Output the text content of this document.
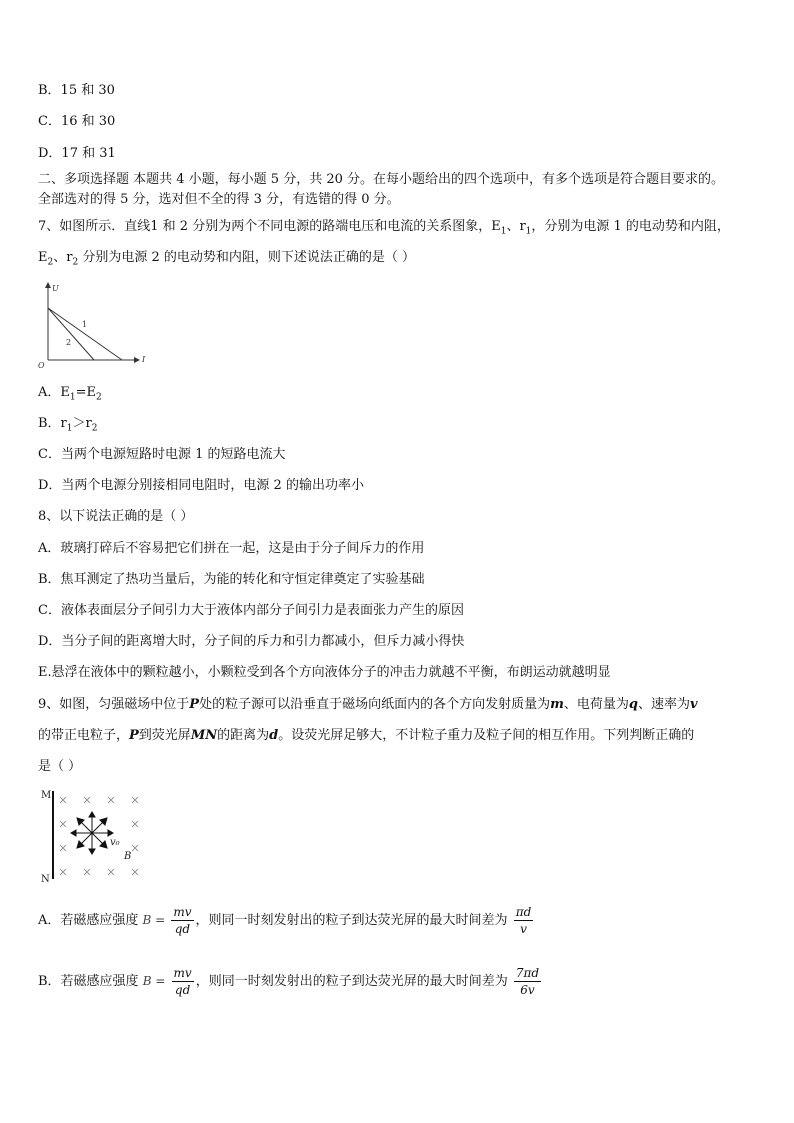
B．15 和 30
C．16 和 30
D．17 和 31
二、多项选择题 本题共 4 小题，每小题 5 分，共 20 分。在每小题给出的四个选项中，有多个选项是符合题目要求的。
全部选对的得 5 分，选对但不全的得 3 分，有选错的得 0 分。
7、如图所示．直线1 和 2 分别为两个不同电源的路端电压和电流的关系图象，$E_1$、$r_1$，分别为电源 1 的电动势和内阻，
$E_2$、$r_2$ 分别为电源 2 的电动势和内阻，则下述说法正确的是（ ）
U
I
O
1
2
A．$E_1=E_2$
B．$r_1>r_2$
C．当两个电源短路时电源 1 的短路电流大
D．当两个电源分别接相同电阻时，电源 2 的输出功率小
8、以下说法正确的是（ ）
A．玻璃打碎后不容易把它们拼在一起，这是由于分子间斥力的作用
B．焦耳测定了热功当量后，为能的转化和守恒定律奠定了实验基础
C．液体表面层分子间引力大于液体内部分子间引力是表面张力产生的原因
D．当分子间的距离增大时，分子间的斥力和引力都减小，但斥力减小得快
E.悬浮在液体中的颗粒越小，小颗粒受到各个方向液体分子的冲击力就越不平衡，布朗运动就越明显
9、如图，匀强磁场中位于P处的粒子源可以沿垂直于磁场向纸面内的各个方向发射质量为m、电荷量为q、速率为v
的带正电粒子，P到荧光屏MN的距离为d。设荧光屏足够大，不计粒子重力及粒子间的相互作用。下列判断正确的
是（ ）
M
N
v₀
B
A．若磁感应强度 $B = \frac{mv}{qd}$ ，则同一时刻发射出的粒子到达荧光屏的最大时间差为 $\frac{\pi d}{v}$
B．若磁感应强度 $B = \frac{mv}{qd}$ ，则同一时刻发射出的粒子到达荧光屏的最大时间差为 $\frac{7\pi d}{6v}$
